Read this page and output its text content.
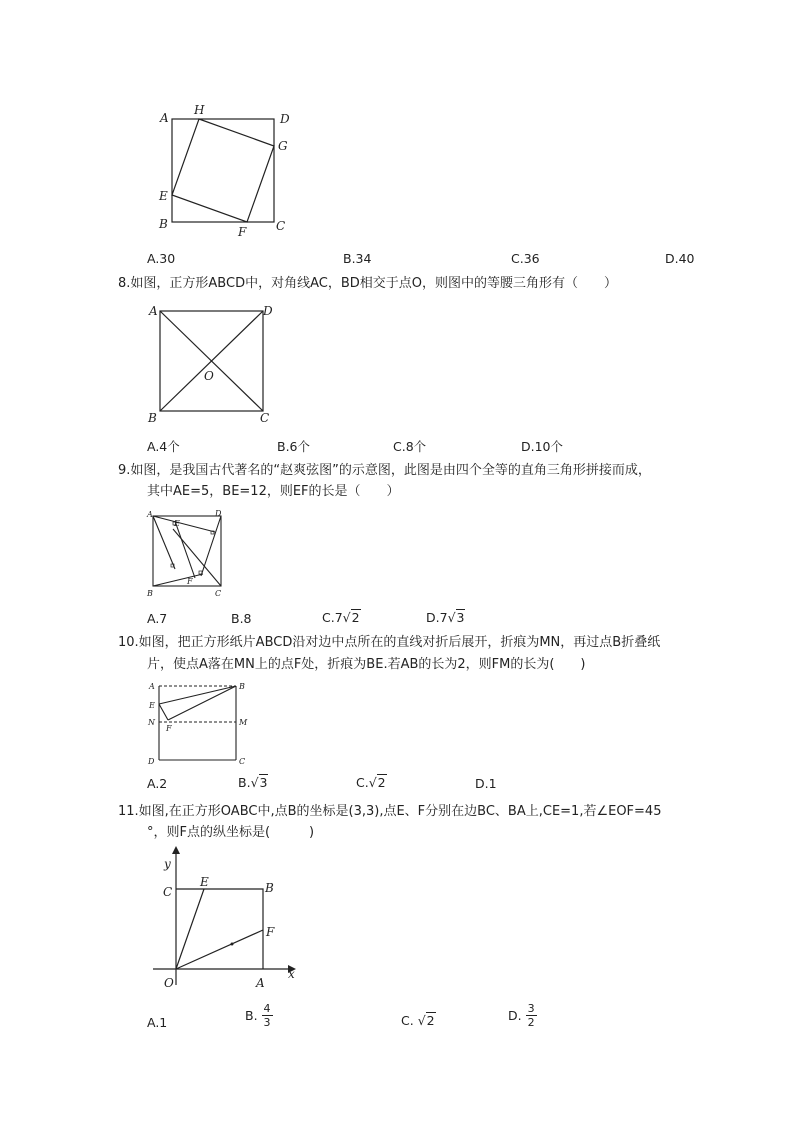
A
H
D
G
E
B
F C
A.30	B.34	C.36	D.40
8.如图，正方形ABCD中，对角线AC，BD相交于点O，则图中的等腰三角形有（　　）
A	D
O
B	C
A.4个	B.6个	C.8个	D.10个
9.如图，是我国古代著名的“赵爽弦图”的示意图，此图是由四个全等的直角三角形拼接而成，
其中AE=5，BE=12，则EF的长是（　　）
A
E
D
B
F
C
A.7	B.8	C.7√2	D.7√3
10.如图，把正方形纸片ABCD沿对边中点所在的直线对折后展开，折痕为MN，再过点B折叠纸
片，使点A落在MN上的点F处，折痕为BE.若AB的长为2，则FM的长为(　　)
A	B
E
N
F
M
D	C
A.2	B.√3	C.√2	D.1
11.如图,在正方形OABC中,点B的坐标是(3,3),点E、F分别在边BC、BA上,CE=1,若∠EOF=45
°，则F点的纵坐标是(　　　)
y
C
E	B
F
O	A
x
A.1	B. $\frac{4}{3}$	C. √2	D. $\frac{3}{2}$
